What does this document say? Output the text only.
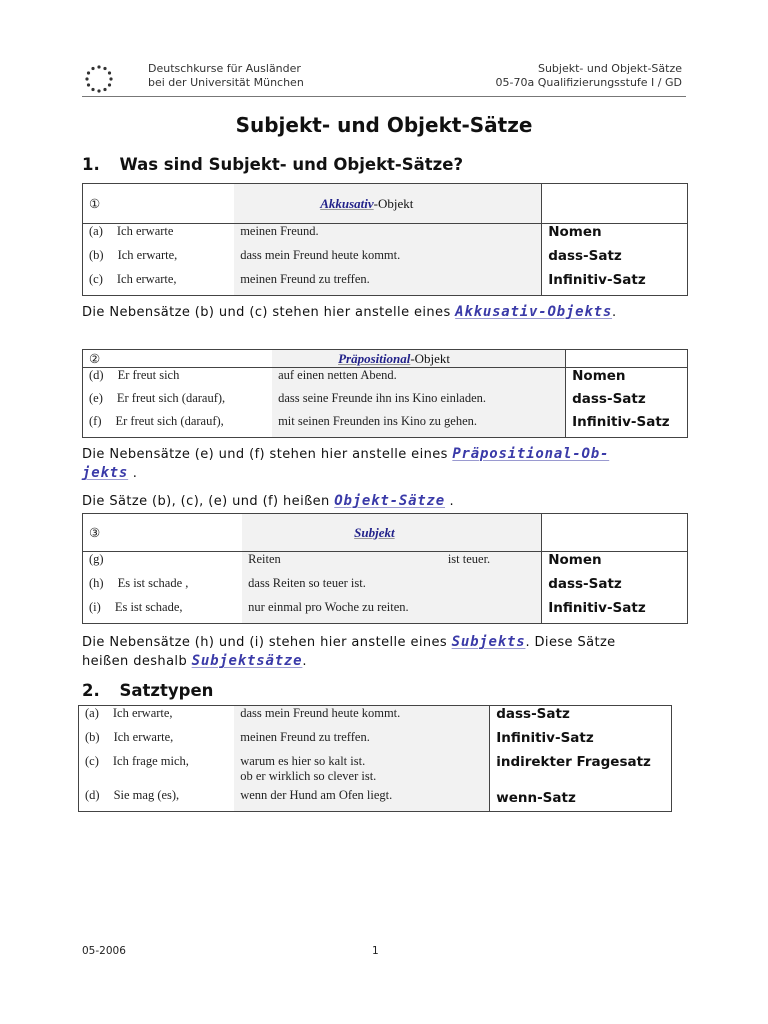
Deutschkurse für Ausländer
bei der Universität München
Subjekt- und Objekt-Sätze
05-70a Qualifizierungsstufe I / GD
Subjekt- und Objekt-Sätze
1. Was sind Subjekt- und Objekt-Sätze?
①	Akkusativ-Objekt	
(a) Ich erwarte	meinen Freund.	Nomen
(b) Ich erwarte,	dass mein Freund heute kommt.	dass-Satz
(c) Ich erwarte,	meinen Freund zu treffen.	Infinitiv-Satz
Die Nebensätze (b) und (c) stehen hier anstelle eines Akkusativ-Objekts.
②	Präpositional-Objekt	
(d) Er freut sich	auf einen netten Abend.	Nomen
(e) Er freut sich (darauf),	dass seine Freunde ihn ins Kino einladen.	dass-Satz
(f) Er freut sich (darauf),	mit seinen Freunden ins Kino zu gehen.	Infinitiv-Satz
Die Nebensätze (e) und (f) stehen hier anstelle eines Präpositional-Ob-
jekts .
Die Sätze (b), (c), (e) und (f) heißen Objekt-Sätze .
③	Subjekt		
(g)	Reiten	ist teuer.	Nomen
(h) Es ist schade ,	dass Reiten so teuer ist.		dass-Satz
(i) Es ist schade,	nur einmal pro Woche zu reiten.		Infinitiv-Satz
Die Nebensätze (h) und (i) stehen hier anstelle eines Subjekts. Diese Sätze
heißen deshalb Subjektsätze.
2. Satztypen
(a) Ich erwarte,	dass mein Freund heute kommt.	dass-Satz
(b) Ich erwarte,	meinen Freund zu treffen.	Infinitiv-Satz
(c) Ich frage mich,	warum es hier so kalt ist.
ob er wirklich so clever ist.	indirekter Fragesatz
(d) Sie mag (es),	wenn der Hund am Ofen liegt.	wenn-Satz
05-2006	1
